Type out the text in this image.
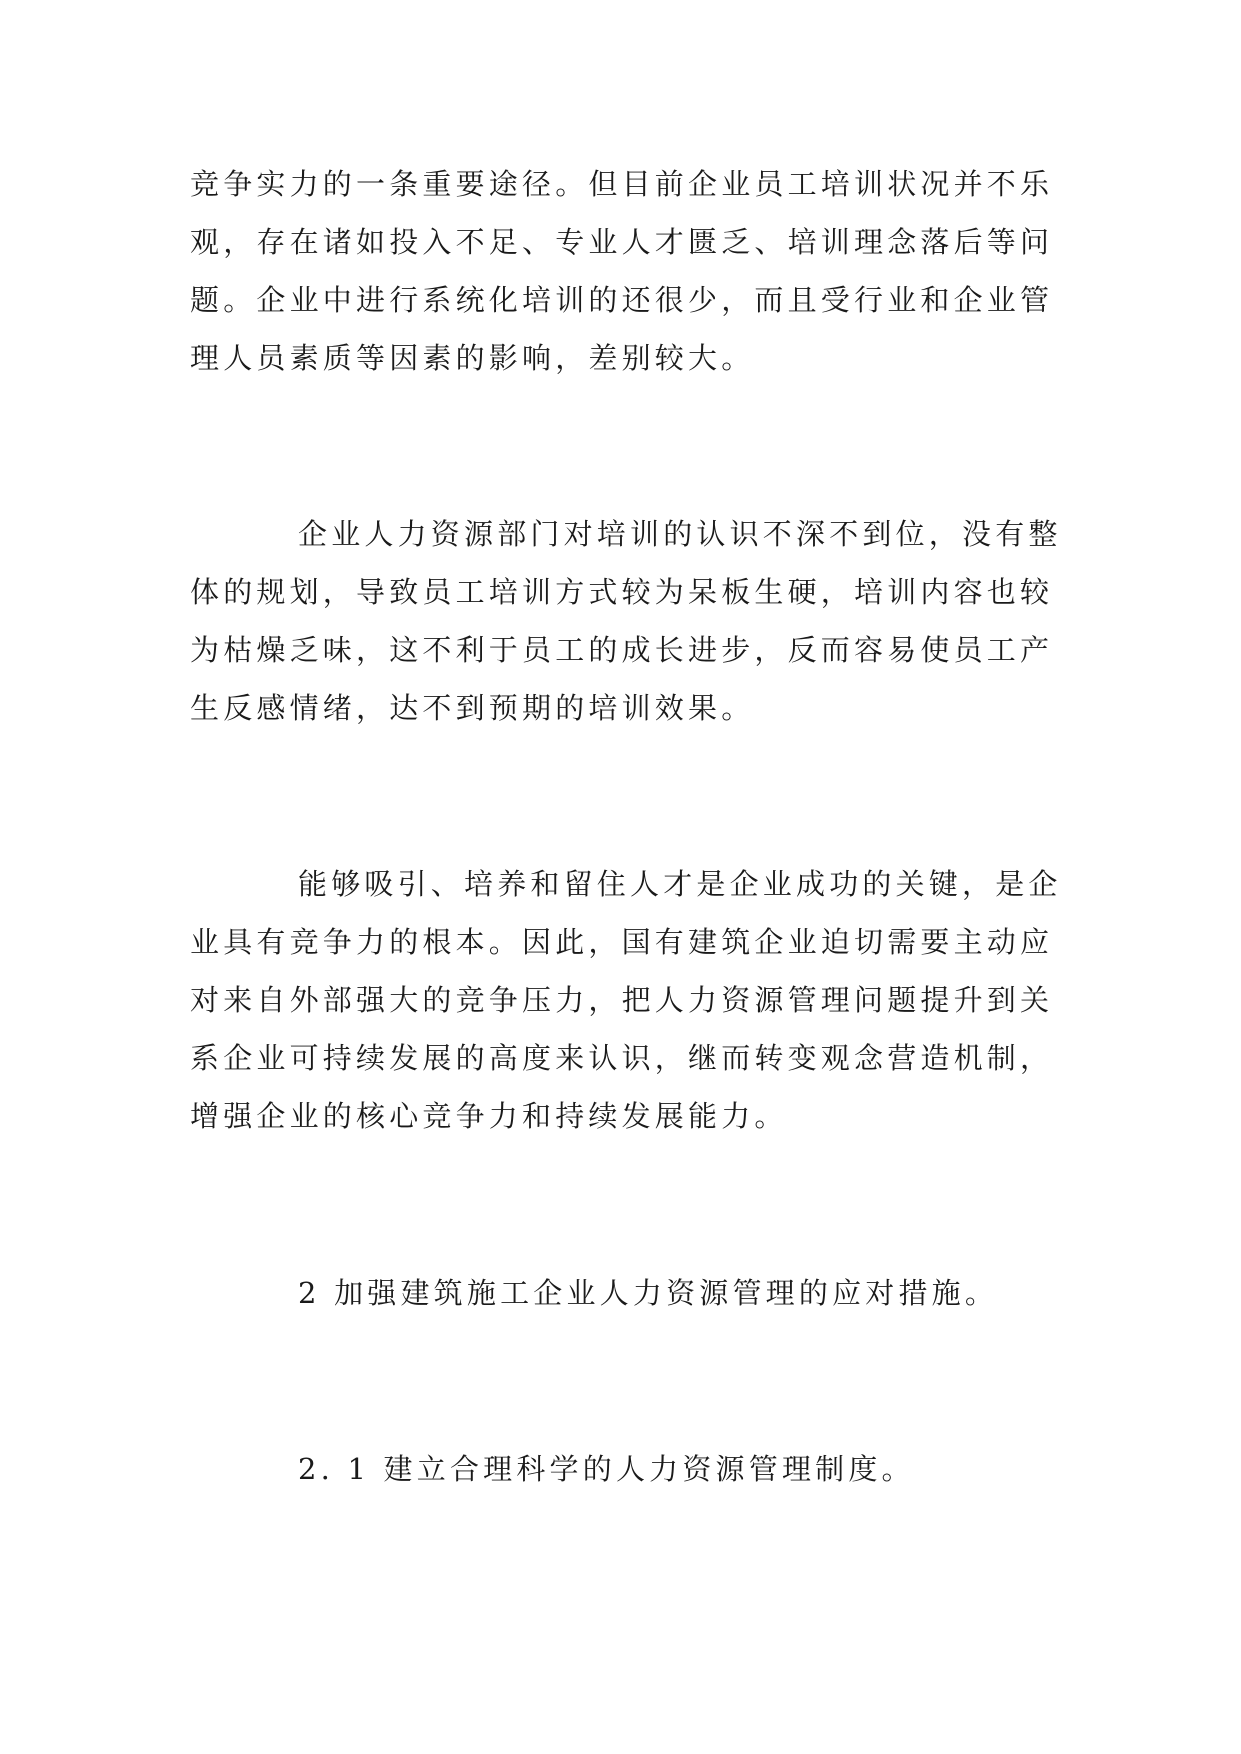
竞争实力的一条重要途径。但目前企业员工培训状况并不乐

观，存在诸如投入不足、专业人才匮乏、培训理念落后等问

题。企业中进行系统化培训的还很少，而且受行业和企业管

理人员素质等因素的影响，差别较大。

企业人力资源部门对培训的认识不深不到位，没有整

体的规划，导致员工培训方式较为呆板生硬，培训内容也较

为枯燥乏味，这不利于员工的成长进步，反而容易使员工产

生反感情绪，达不到预期的培训效果。

能够吸引、培养和留住人才是企业成功的关键，是企

业具有竞争力的根本。因此，国有建筑企业迫切需要主动应

对来自外部强大的竞争压力，把人力资源管理问题提升到关

系企业可持续发展的高度来认识，继而转变观念营造机制，

增强企业的核心竞争力和持续发展能力。

2 加强建筑施工企业人力资源管理的应对措施。

2. 1 建立合理科学的人力资源管理制度。
